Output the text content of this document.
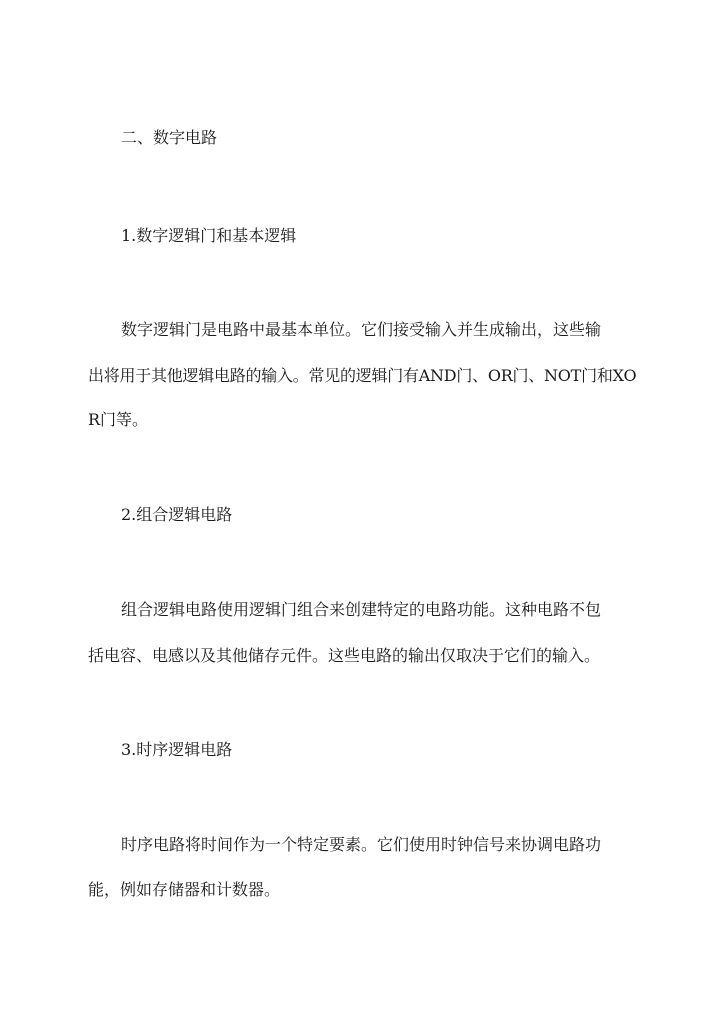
二、数字电路

1.数字逻辑门和基本逻辑

数字逻辑门是电路中最基本单位。它们接受输入并生成输出，这些输

出将用于其他逻辑电路的输入。常见的逻辑门有AND门、OR门、NOT门和XO

R门等。

2.组合逻辑电路

组合逻辑电路使用逻辑门组合来创建特定的电路功能。这种电路不包

括电容、电感以及其他储存元件。这些电路的输出仅取决于它们的输入。

3.时序逻辑电路

时序电路将时间作为一个特定要素。它们使用时钟信号来协调电路功

能，例如存储器和计数器。
